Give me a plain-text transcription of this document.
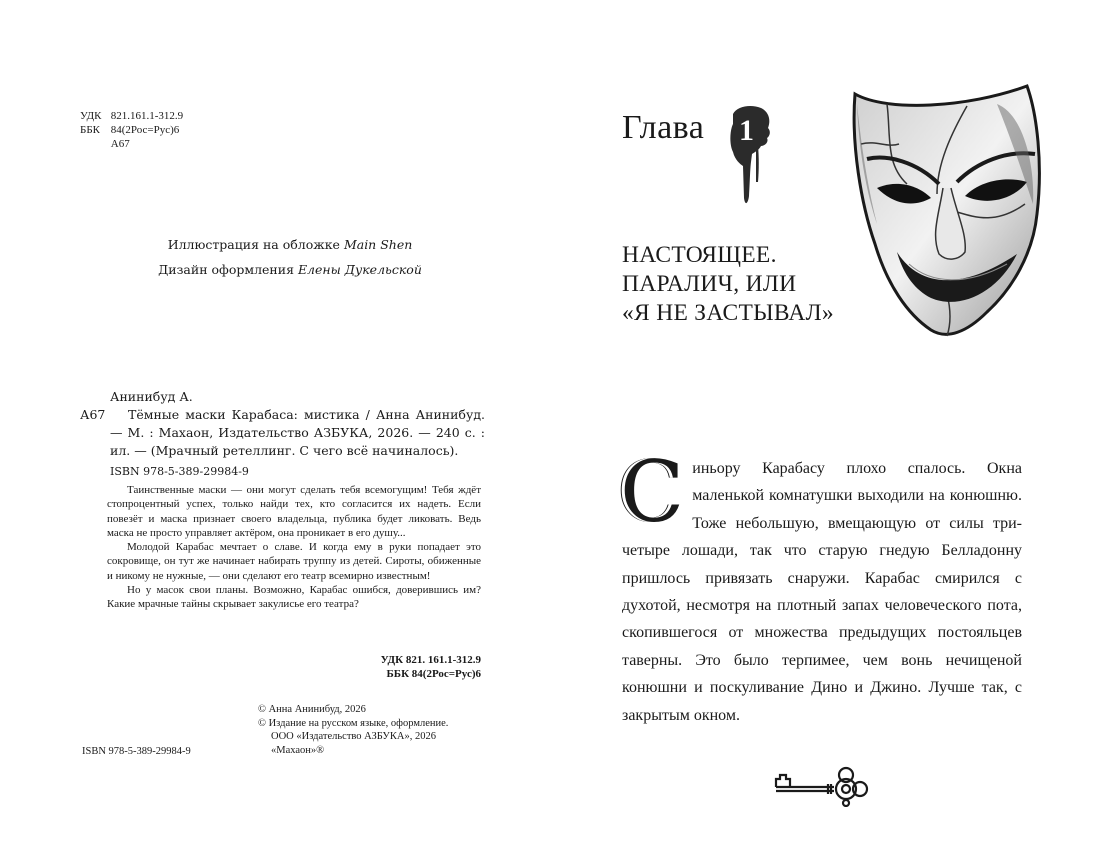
УДК 821.161.1-312.9
ББК 84(2Рос=Рус)6
А67
Иллюстрация на обложке Main Shen
Дизайн оформления Елены Дукельской
Анинибуд А.
А67 Тёмные маски Карабаса: мистика / Анна Анинибуд. — М. : Махаон, Издательство АЗБУКА, 2026. — 240 с. : ил. — (Мрачный ретеллинг. С чего всё начиналось).
ISBN 978-5-389-29984-9

Таинственные маски — они могут сделать тебя всемогущим! Тебя ждёт стопроцентный успех, только найди тех, кто согласится их надеть. Если повезёт и маска признает своего владельца, публика будет ликовать. Ведь маска не просто управляет актёром, она проникает в его душу...

Молодой Карабас мечтает о славе. И когда ему в руки попадает это сокровище, он тут же начинает набирать труппу из детей. Сироты, обиженные и никому не нужные, — они сделают его театр всемирно известным!

Но у масок свои планы. Возможно, Карабас ошибся, доверившись им? Какие мрачные тайны скрывает закулисье его театра?

УДК 821. 161.1-312.9
ББК 84(2Рос=Рус)6
© Анна Анинибуд, 2026
© Издание на русском языке, оформление.
ООО «Издательство АЗБУКА», 2026
«Махаон»®
ISBN 978-5-389-29984-9
Глава 1
НАСТОЯЩЕЕ.
ПАРАЛИЧ, ИЛИ
«Я НЕ ЗАСТЫВАЛ»
Синьору Карабасу плохо спалось. Окна маленькой комнатушки выходили на конюшню. Тоже небольшую, вмещающую от силы три-четыре лошади, так что старую гнедую Белладонну пришлось привязать снаружи. Карабас смирился с духотой, несмотря на плотный запах человеческого пота, скопившегося от множества предыдущих постояльцев таверны. Это было терпимее, чем вонь нечищеной конюшни и поскуливание Дино и Джино. Лучше так, с закрытым окном.
